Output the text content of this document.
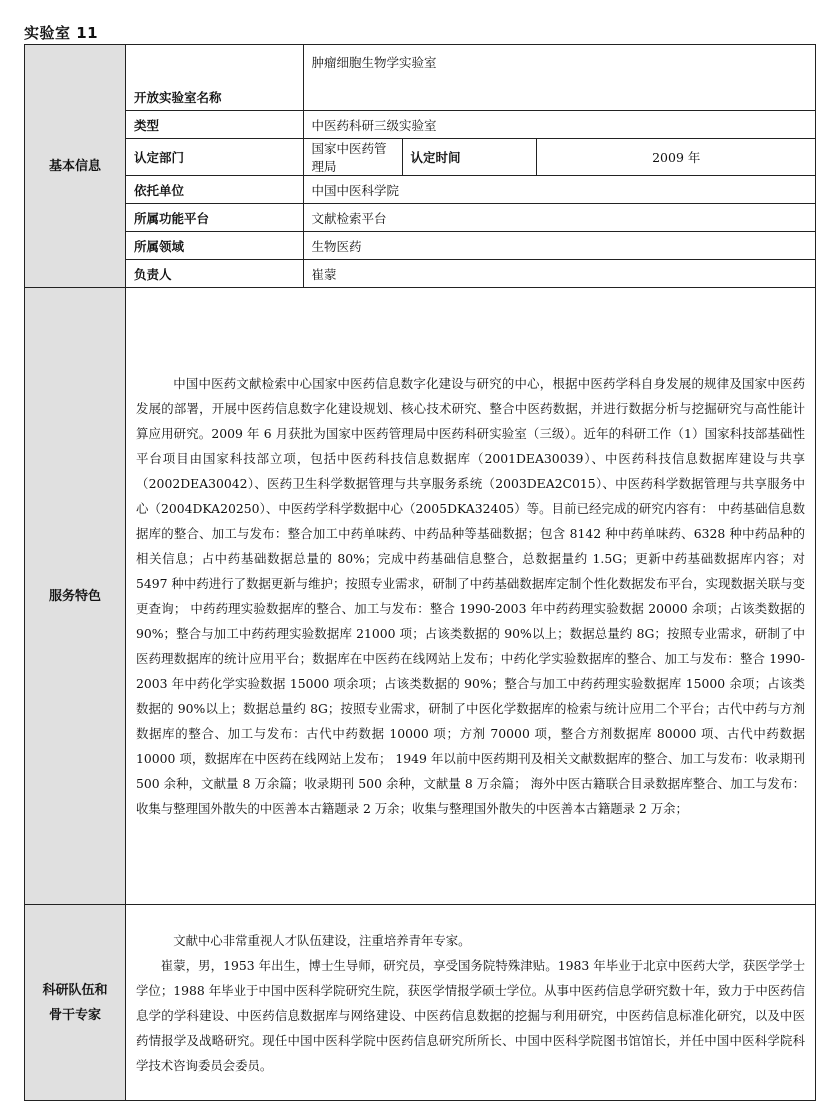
实验室 11
基本信息	
开放实验室名称	肿瘤细胞生物学实验室
类型	中医药科研三级实验室
认定部门	国家中医药管理局	认定时间	2009 年
依托单位	中国中医科学院
所属功能平台	文献检索平台
所属领域	生物医药
负责人	崔蒙

服务特色	

中国中医药文献检索中心国家中医药信息数字化建设与研究的中心，根据中医药学科自身发展的规律及国家中医药发展的部署，开展中医药信息数字化建设规划、核心技术研究、整合中医药数据，并进行数据分析与挖掘研究与高性能计算应用研究。2009 年 6 月获批为国家中医药管理局中医药科研实验室（三级）。近年的科研工作（1）国家科技部基础性平台项目由国家科技部立项，包括中医药科技信息数据库（2001DEA30039）、中医药科技信息数据库建设与共享（2002DEA30042）、医药卫生科学数据管理与共享服务系统（2003DEA2C015）、中医药科学数据管理与共享服务中心（2004DKA20250）、中医药学科学数据中心（2005DKA32405）等。目前已经完成的研究内容有： 中药基础信息数据库的整合、加工与发布：整合加工中药单味药、中药品种等基础数据；包含 8142 种中药单味药、6328 种中药品种的相关信息；占中药基础数据总量的 80%；完成中药基础信息整合，总数据量约 1.5G；更新中药基础数据库内容；对 5497 种中药进行了数据更新与维护；按照专业需求，研制了中药基础数据库定制个性化数据发布平台，实现数据关联与变更查询； 中药药理实验数据库的整合、加工与发布：整合 1990-2003 年中药药理实验数据 20000 余项；占该类数据的 90%；整合与加工中药药理实验数据库 21000 项；占该类数据的 90%以上；数据总量约 8G；按照专业需求，研制了中医药理数据库的统计应用平台；数据库在中医药在线网站上发布；中药化学实验数据库的整合、加工与发布：整合 1990-2003 年中药化学实验数据 15000 项余项；占该类数据的 90%；整合与加工中药药理实验数据库 15000 余项；占该类数据的 90%以上；数据总量约 8G；按照专业需求，研制了中医化学数据库的检索与统计应用二个平台；古代中药与方剂数据库的整合、加工与发布：古代中药数据 10000 项；方剂 70000 项，整合方剂数据库 80000 项、古代中药数据 10000 项，数据库在中医药在线网站上发布； 1949 年以前中医药期刊及相关文献数据库的整合、加工与发布：收录期刊 500 余种，文献量 8 万余篇；收录期刊 500 余种，文献量 8 万余篇； 海外中医古籍联合目录数据库整合、加工与发布：收集与整理国外散失的中医善本古籍题录 2 万余；收集与整理国外散失的中医善本古籍题录 2 万余；

科研队伍和骨干专家

文献中心非常重视人才队伍建设，注重培养青年专家。

崔蒙，男，1953 年出生，博士生导师，研究员，享受国务院特殊津贴。1983 年毕业于北京中医药大学，获医学学士学位；1988 年毕业于中国中医科学院研究生院，获医学情报学硕士学位。从事中医药信息学研究数十年，致力于中医药信息学的学科建设、中医药信息数据库与网络建设、中医药信息数据的挖掘与利用研究，中医药信息标准化研究，以及中医药情报学及战略研究。现任中国中医科学院中医药信息研究所所长、中国中医科学院图书馆馆长，并任中国中医科学院科学技术咨询委员会委员。
